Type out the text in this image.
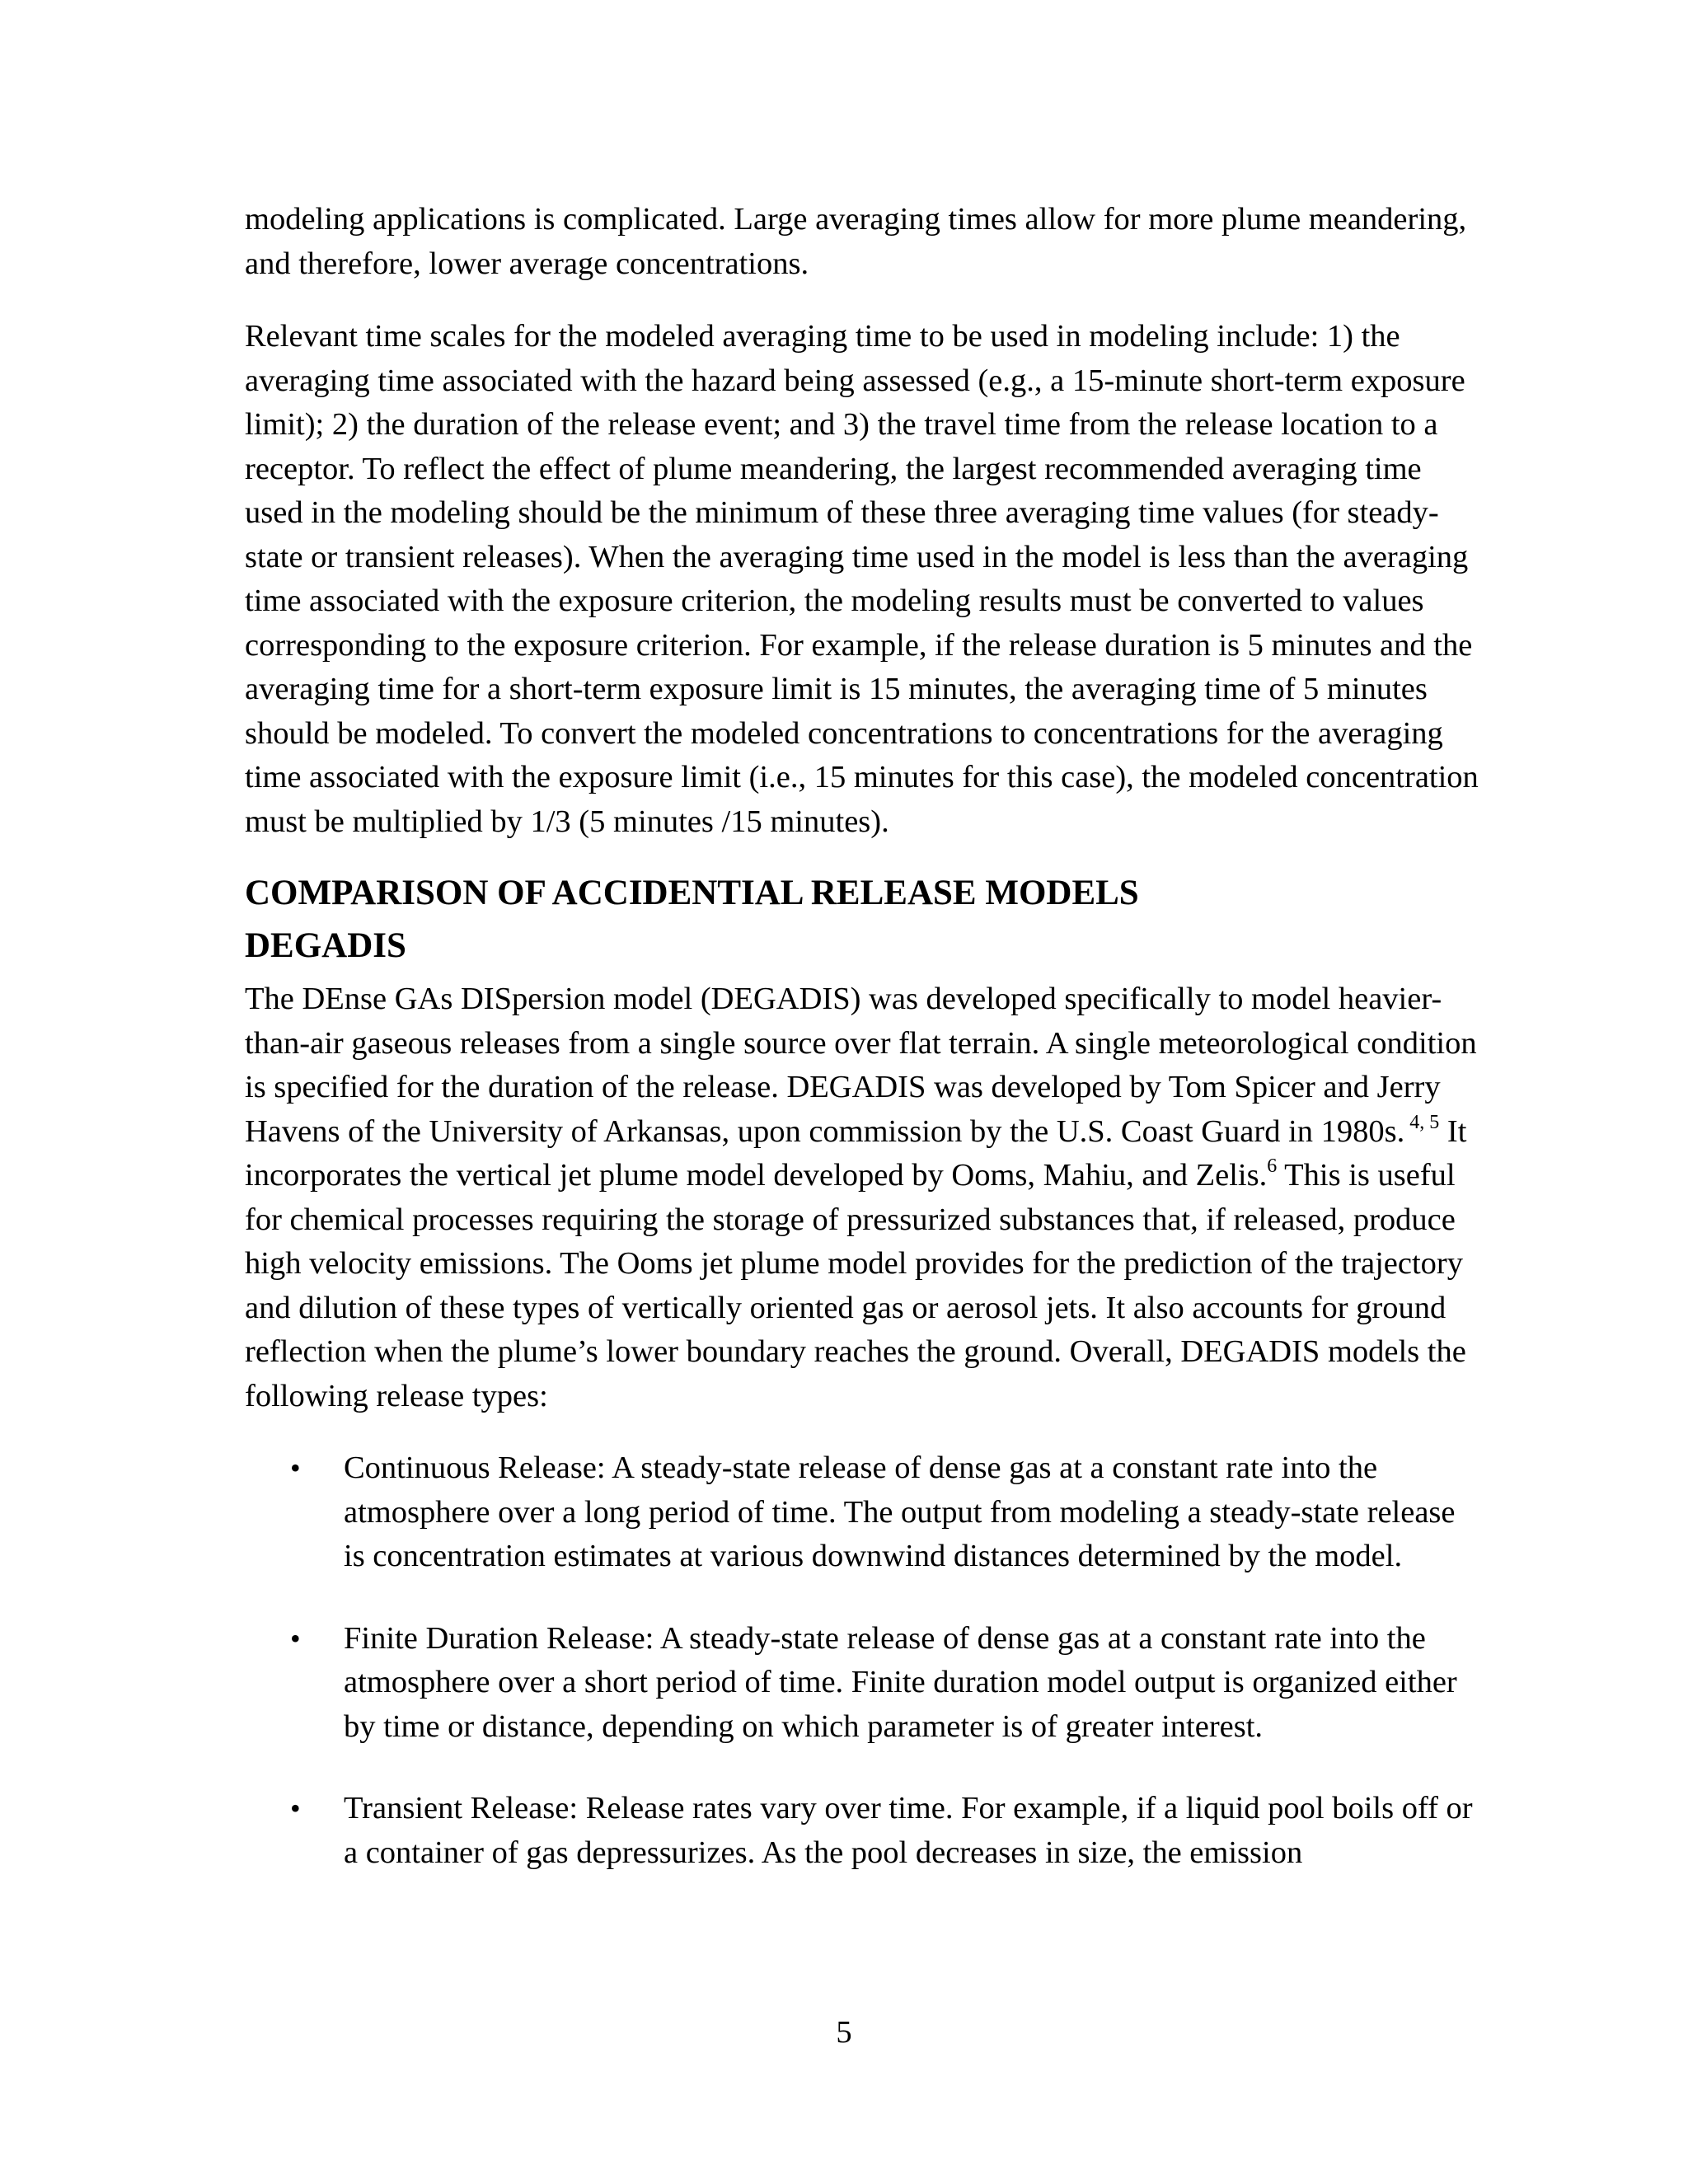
modeling applications is complicated. Large averaging times allow for more plume meandering, and therefore, lower average concentrations.

Relevant time scales for the modeled averaging time to be used in modeling include: 1) the averaging time associated with the hazard being assessed (e.g., a 15-minute short-term exposure limit); 2) the duration of the release event; and 3) the travel time from the release location to a receptor. To reflect the effect of plume meandering, the largest recommended averaging time used in the modeling should be the minimum of these three averaging time values (for steady-state or transient releases). When the averaging time used in the model is less than the averaging time associated with the exposure criterion, the modeling results must be converted to values corresponding to the exposure criterion. For example, if the release duration is 5 minutes and the averaging time for a short-term exposure limit is 15 minutes, the averaging time of 5 minutes should be modeled. To convert the modeled concentrations to concentrations for the averaging time associated with the exposure limit (i.e., 15 minutes for this case), the modeled concentration must be multiplied by 1/3 (5 minutes /15 minutes).

COMPARISON OF ACCIDENTIAL RELEASE MODELS
DEGADIS

The DEnse GAs DISpersion model (DEGADIS) was developed specifically to model heavier-than-air gaseous releases from a single source over flat terrain. A single meteorological condition is specified for the duration of the release. DEGADIS was developed by Tom Spicer and Jerry Havens of the University of Arkansas, upon commission by the U.S. Coast Guard in 1980s. $^{4, 5}$ It incorporates the vertical jet plume model developed by Ooms, Mahiu, and Zelis.$^6$ This is useful for chemical processes requiring the storage of pressurized substances that, if released, produce high velocity emissions. The Ooms jet plume model provides for the prediction of the trajectory and dilution of these types of vertically oriented gas or aerosol jets. It also accounts for ground reflection when the plume’s lower boundary reaches the ground. Overall, DEGADIS models the following release types:

• Continuous Release: A steady-state release of dense gas at a constant rate into the atmosphere over a long period of time. The output from modeling a steady-state release is concentration estimates at various downwind distances determined by the model.
• Finite Duration Release: A steady-state release of dense gas at a constant rate into the atmosphere over a short period of time. Finite duration model output is organized either by time or distance, depending on which parameter is of greater interest.
• Transient Release: Release rates vary over time. For example, if a liquid pool boils off or a container of gas depressurizes. As the pool decreases in size, the emission
5
